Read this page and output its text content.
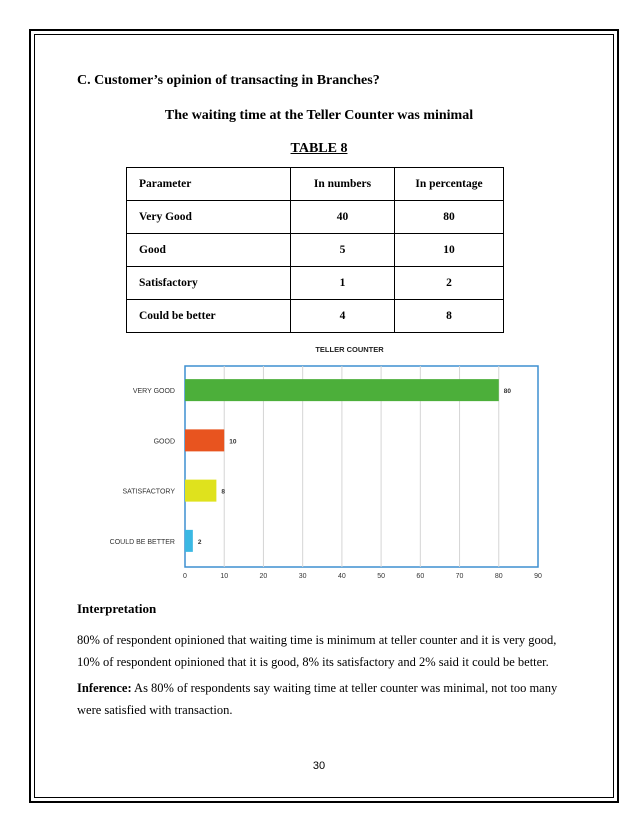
C. Customer’s opinion of transacting in Branches?
The waiting time at the Teller Counter was minimal
TABLE 8
Parameter	In numbers	In percentage
Very Good	40	80
Good	5	10
Satisfactory	1	2
Could be better	4	8
TELLER COUNTER
0	10	20	30	40	50	60	70	80	90
VERY GOOD	80
GOOD	10
SATISFACTORY	8
COULD BE BETTER	2
Interpretation
80% of respondent opinioned that waiting time is minimum at teller counter and it is very good, 10% of respondent opinioned that it is good, 8% its satisfactory and 2% said it could be better.
Inference: As 80% of respondents say waiting time at teller counter was minimal, not too many were satisfied with transaction.
30
